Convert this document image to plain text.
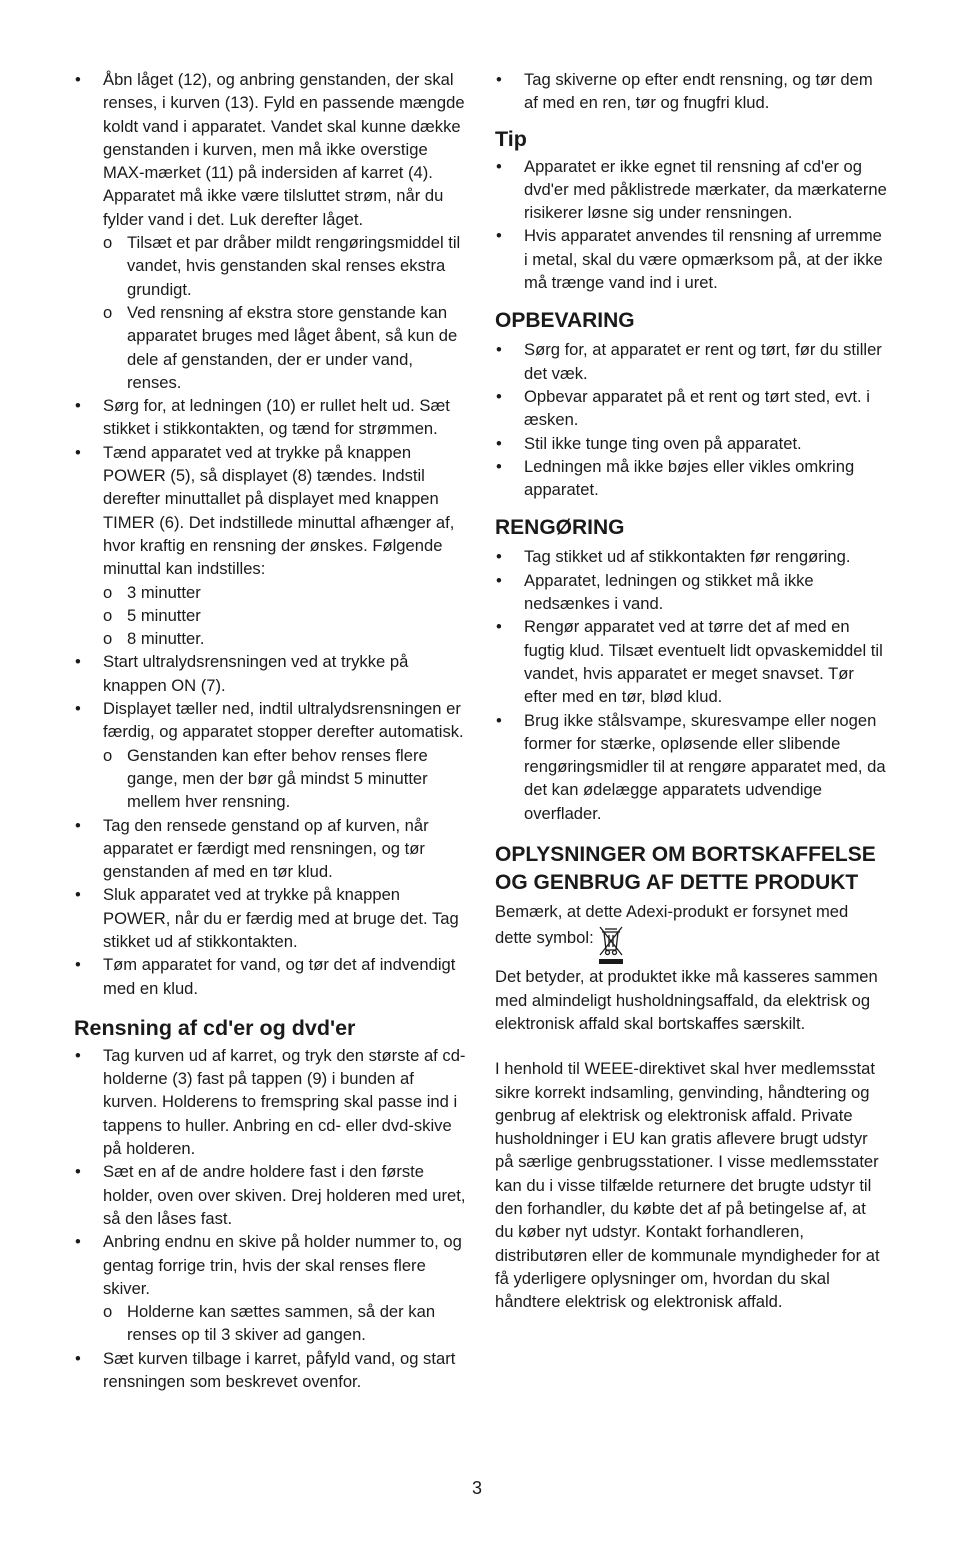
• Åbn låget (12), og anbring genstanden, der skal renses, i kurven (13). Fyld en passende mængde koldt vand i apparatet. Vandet skal kunne dække genstanden i kurven, men må ikke overstige MAX-mærket (11) på indersiden af karret (4). Apparatet må ikke være tilsluttet strøm, når du fylder vand i det. Luk derefter låget.
o Tilsæt et par dråber mildt rengøringsmiddel til vandet, hvis genstanden skal renses ekstra grundigt.
o Ved rensning af ekstra store genstande kan apparatet bruges med låget åbent, så kun de dele af genstanden, der er under vand, renses.
• Sørg for, at ledningen (10) er rullet helt ud. Sæt stikket i stikkontakten, og tænd for strømmen.
• Tænd apparatet ved at trykke på knappen POWER (5), så displayet (8) tændes. Indstil derefter minuttallet på displayet med knappen TIMER (6). Det indstillede minuttal afhænger af, hvor kraftig en rensning der ønskes. Følgende minuttal kan indstilles:
o 3 minutter
o 5 minutter
o 8 minutter.
• Start ultralydsrensningen ved at trykke på knappen ON (7).
• Displayet tæller ned, indtil ultralydsrensningen er færdig, og apparatet stopper derefter automatisk.
o Genstanden kan efter behov renses flere gange, men der bør gå mindst 5 minutter mellem hver rensning.
• Tag den rensede genstand op af kurven, når apparatet er færdigt med rensningen, og tør genstanden af med en tør klud.
• Sluk apparatet ved at trykke på knappen POWER, når du er færdig med at bruge det. Tag stikket ud af stikkontakten.
• Tøm apparatet for vand, og tør det af indvendigt med en klud.
Rensning af cd'er og dvd'er
• Tag kurven ud af karret, og tryk den største af cd-holderne (3) fast på tappen (9) i bunden af kurven. Holderens to fremspring skal passe ind i tappens to huller. Anbring en cd- eller dvd-skive på holderen.
• Sæt en af de andre holdere fast i den første holder, oven over skiven. Drej holderen med uret, så den låses fast.
• Anbring endnu en skive på holder nummer to, og gentag forrige trin, hvis der skal renses flere skiver.
o Holderne kan sættes sammen, så der kan renses op til 3 skiver ad gangen.
• Sæt kurven tilbage i karret, påfyld vand, og start rensningen som beskrevet ovenfor.
• Tag skiverne op efter endt rensning, og tør dem af med en ren, tør og fnugfri klud.
Tip
• Apparatet er ikke egnet til rensning af cd'er og dvd'er med påklistrede mærkater, da mærkaterne risikerer løsne sig under rensningen.
• Hvis apparatet anvendes til rensning af urremme i metal, skal du være opmærksom på, at der ikke må trænge vand ind i uret.
OPBEVARING
• Sørg for, at apparatet er rent og tørt, før du stiller det væk.
• Opbevar apparatet på et rent og tørt sted, evt. i æsken.
• Stil ikke tunge ting oven på apparatet.
• Ledningen må ikke bøjes eller vikles omkring apparatet.
RENGØRING
• Tag stikket ud af stikkontakten før rengøring.
• Apparatet, ledningen og stikket må ikke nedsænkes i vand.
• Rengør apparatet ved at tørre det af med en fugtig klud. Tilsæt eventuelt lidt opvaskemiddel til vandet, hvis apparatet er meget snavset. Tør efter med en tør, blød klud.
• Brug ikke stålsvampe, skuresvampe eller nogen former for stærke, opløsende eller slibende rengøringsmidler til at rengøre apparatet med, da det kan ødelægge apparatets udvendige overflader.
OPLYSNINGER OM BORTSKAFFELSE OG GENBRUG AF DETTE PRODUKT

Bemærk, at dette Adexi-produkt er forsynet med dette symbol:

Det betyder, at produktet ikke må kasseres sammen med almindeligt husholdningsaffald, da elektrisk og elektronisk affald skal bortskaffes særskilt.

I henhold til WEEE-direktivet skal hver medlemsstat sikre korrekt indsamling, genvinding, håndtering og genbrug af elektrisk og elektronisk affald. Private husholdninger i EU kan gratis aflevere brugt udstyr på særlige genbrugsstationer. I visse medlemsstater kan du i visse tilfælde returnere det brugte udstyr til den forhandler, du købte det af på betingelse af, at du køber nyt udstyr. Kontakt forhandleren, distributøren eller de kommunale myndigheder for at få yderligere oplysninger om, hvordan du skal håndtere elektrisk og elektronisk affald.

3
